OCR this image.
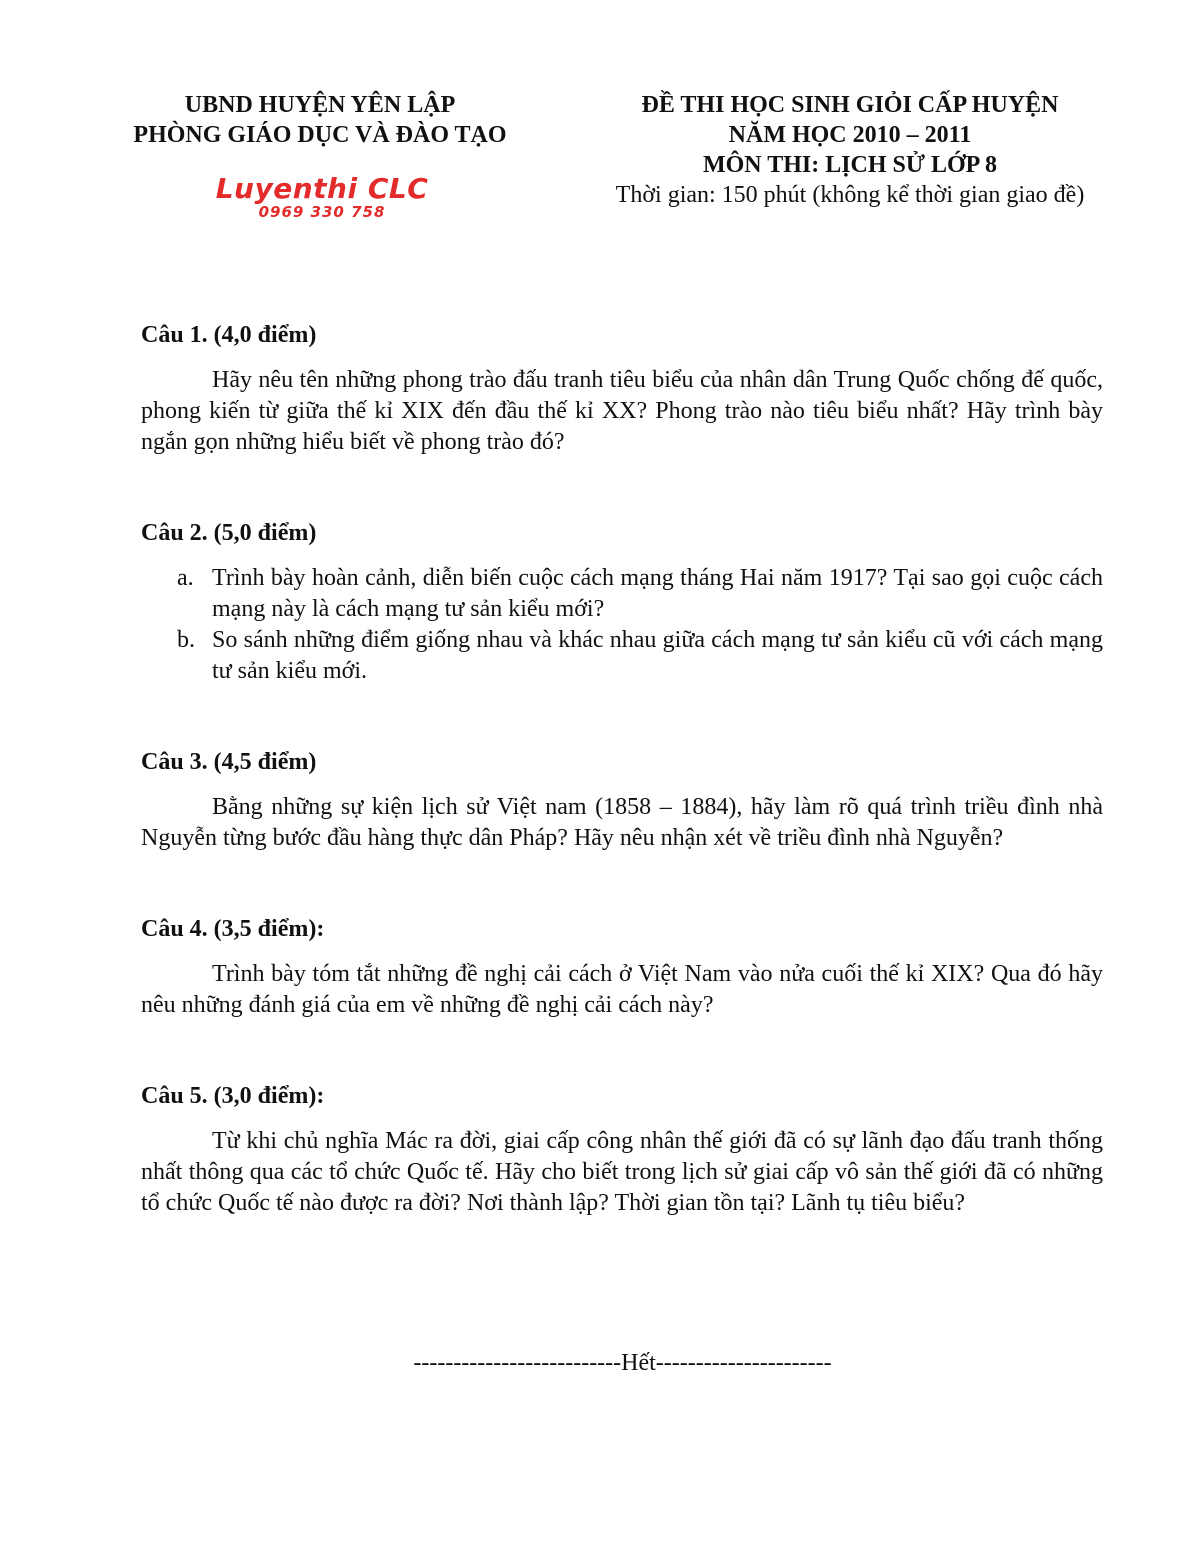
UBND HUYỆN YÊN LẬP
PHÒNG GIÁO DỤC VÀ ĐÀO TẠO
Luyenthi CLC
0969 330 758
ĐỀ THI HỌC SINH GIỎI CẤP HUYỆN
NĂM HỌC 2010 – 2011
MÔN THI: LỊCH SỬ LỚP 8
Thời gian: 150 phút (không kể thời gian giao đề)

Câu 1. (4,0 điểm)

Hãy nêu tên những phong trào đấu tranh tiêu biểu của nhân dân Trung Quốc chống đế quốc, phong kiến từ giữa thế kỉ XIX đến đầu thế kỉ XX? Phong trào nào tiêu biểu nhất? Hãy trình bày ngắn gọn những hiểu biết về phong trào đó?

Câu 2. (5,0 điểm)

a. Trình bày hoàn cảnh, diễn biến cuộc cách mạng tháng Hai năm 1917? Tại sao gọi cuộc cách mạng này là cách mạng tư sản kiểu mới?
b. So sánh những điểm giống nhau và khác nhau giữa cách mạng tư sản kiểu cũ với cách mạng tư sản kiểu mới.

Câu 3. (4,5 điểm)

Bằng những sự kiện lịch sử Việt nam (1858 – 1884), hãy làm rõ quá trình triều đình nhà Nguyễn từng bước đầu hàng thực dân Pháp? Hãy nêu nhận xét về triều đình nhà Nguyễn?

Câu 4. (3,5 điểm):

Trình bày tóm tắt những đề nghị cải cách ở Việt Nam vào nửa cuối thế kỉ XIX? Qua đó hãy nêu những đánh giá của em về những đề nghị cải cách này?

Câu 5. (3,0 điểm):

Từ khi chủ nghĩa Mác ra đời, giai cấp công nhân thế giới đã có sự lãnh đạo đấu tranh thống nhất thông qua các tổ chức Quốc tế. Hãy cho biết trong lịch sử giai cấp vô sản thế giới đã có những tổ chức Quốc tế nào được ra đời? Nơi thành lập? Thời gian tồn tại? Lãnh tụ tiêu biểu?

--------------------------Hết----------------------
